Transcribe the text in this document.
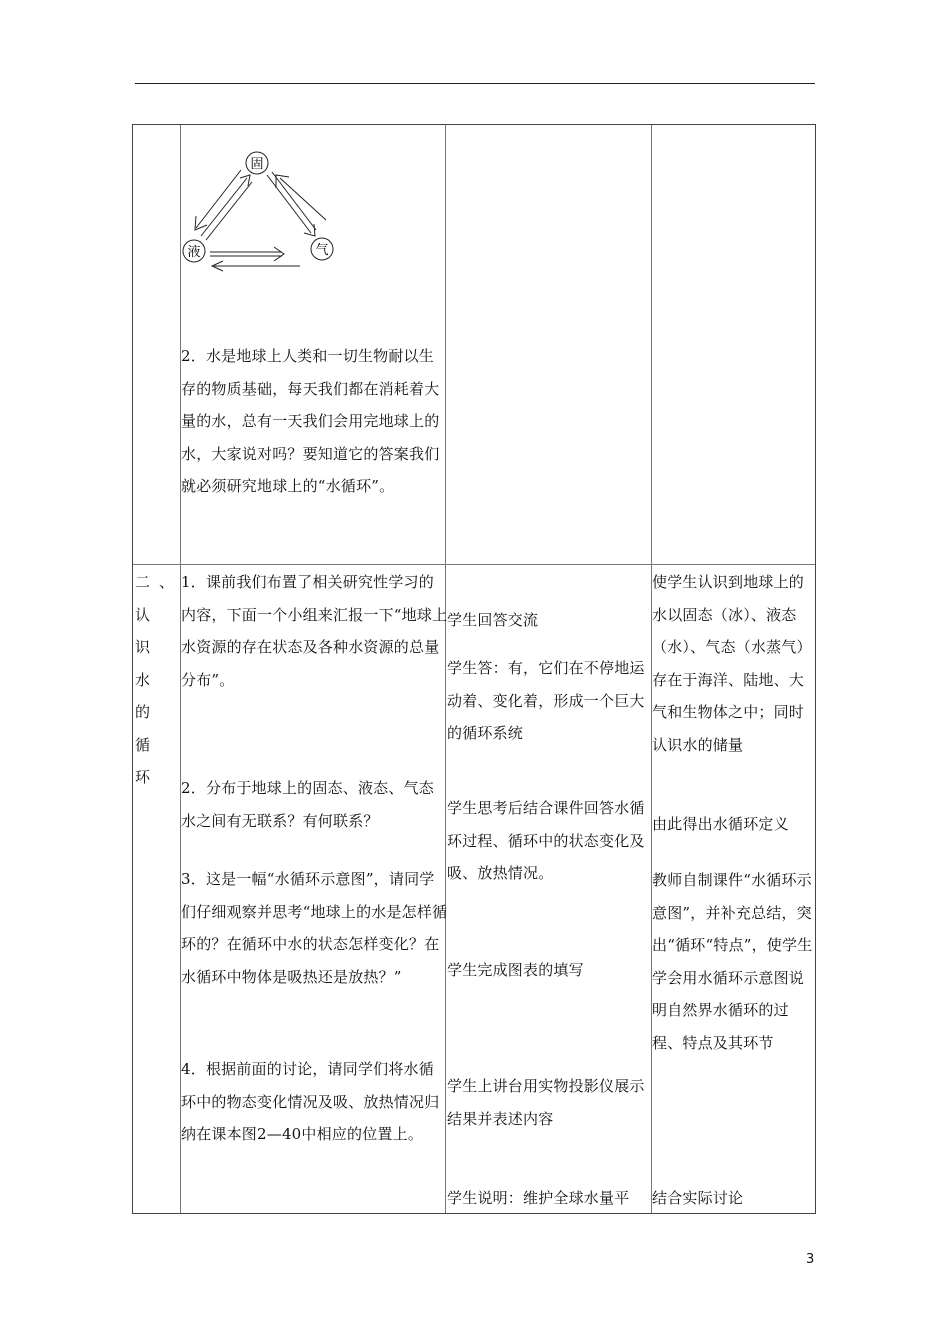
固
液	气
2．水是地球上人类和一切生物耐以生存的物质基础，每天我们都在消耗着大量的水，总有一天我们会用完地球上的水，大家说对吗？要知道它的答案我们就必须研究地球上的“水循环”。
二、认识水的循环
1．课前我们布置了相关研究性学习的内容，下面一个小组来汇报一下“地球上水资源的存在状态及各种水资源的总量分布”。
2．分布于地球上的固态、液态、气态水之间有无联系？有何联系？
3．这是一幅“水循环示意图”，请同学们仔细观察并思考“地球上的水是怎样循环的？在循环中水的状态怎样变化？在水循环中物体是吸热还是放热？”
4．根据前面的讨论，请同学们将水循环中的物态变化情况及吸、放热情况归纳在课本图2—40中相应的位置上。
学生回答交流
学生答：有，它们在不停地运动着、变化着，形成一个巨大的循环系统
学生思考后结合课件回答水循环过程、循环中的状态变化及吸、放热情况。
学生完成图表的填写
学生上讲台用实物投影仪展示结果并表述内容
学生说明：维护全球水量平
使学生认识到地球上的水以固态（冰）、液态（水）、气态（水蒸气）存在于海洋、陆地、大气和生物体之中；同时认识水的储量
由此得出水循环定义
教师自制课件“水循环示意图”，并补充总结，突出“循环“特点”，使学生学会用水循环示意图说明自然界水循环的过程、特点及其环节
结合实际讨论
3
